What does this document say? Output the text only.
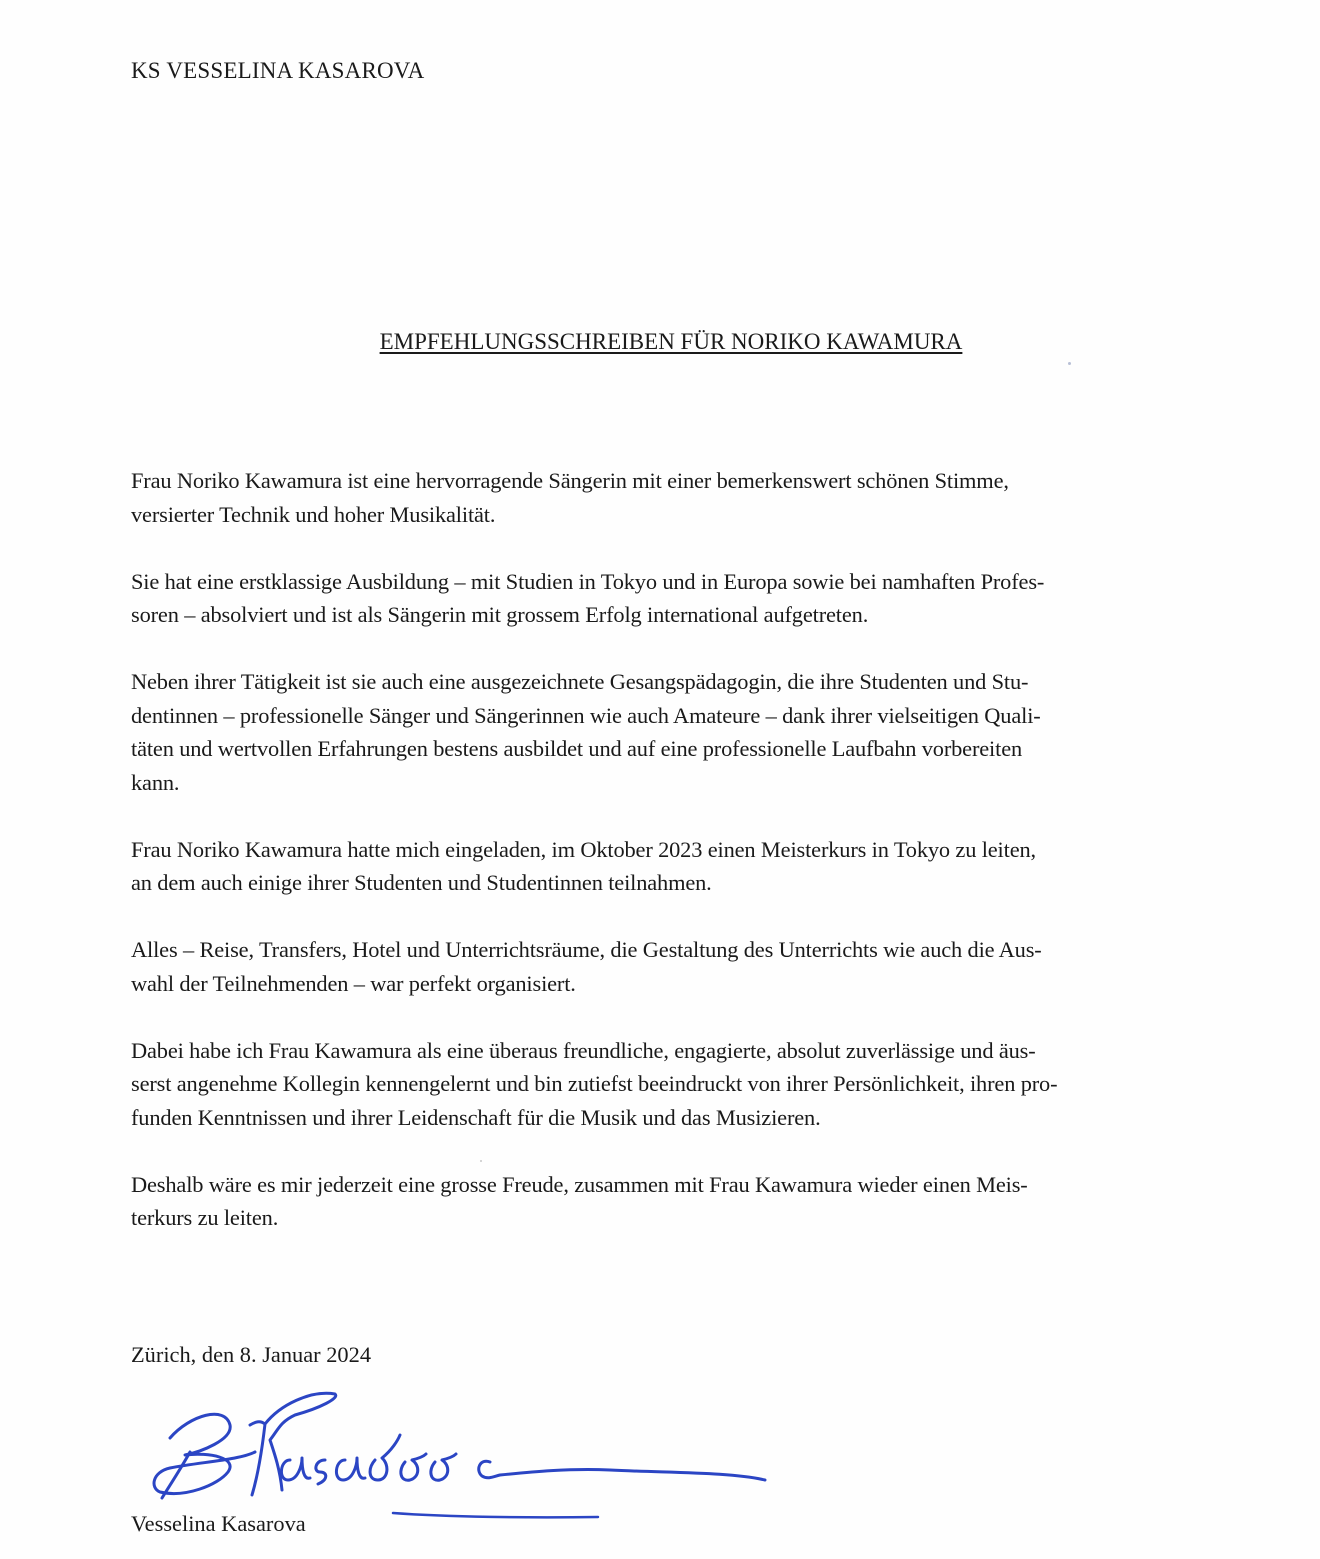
KS VESSELINA KASAROVA
EMPFEHLUNGSSCHREIBEN FÜR NORIKO KAWAMURA

Frau Noriko Kawamura ist eine hervorragende Sängerin mit einer bemerkenswert schönen Stimme,
versierter Technik und hoher Musikalität.

Sie hat eine erstklassige Ausbildung – mit Studien in Tokyo und in Europa sowie bei namhaften Profes-
soren – absolviert und ist als Sängerin mit grossem Erfolg international aufgetreten.

Neben ihrer Tätigkeit ist sie auch eine ausgezeichnete Gesangspädagogin, die ihre Studenten und Stu-
dentinnen – professionelle Sänger und Sängerinnen wie auch Amateure – dank ihrer vielseitigen Quali-
täten und wertvollen Erfahrungen bestens ausbildet und auf eine professionelle Laufbahn vorbereiten
kann.

Frau Noriko Kawamura hatte mich eingeladen, im Oktober 2023 einen Meisterkurs in Tokyo zu leiten,
an dem auch einige ihrer Studenten und Studentinnen teilnahmen.

Alles – Reise, Transfers, Hotel und Unterrichtsräume, die Gestaltung des Unterrichts wie auch die Aus-
wahl der Teilnehmenden – war perfekt organisiert.

Dabei habe ich Frau Kawamura als eine überaus freundliche, engagierte, absolut zuverlässige und äus-
serst angenehme Kollegin kennengelernt und bin zutiefst beeindruckt von ihrer Persönlichkeit, ihren pro-
funden Kenntnissen und ihrer Leidenschaft für die Musik und das Musizieren.

Deshalb wäre es mir jederzeit eine grosse Freude, zusammen mit Frau Kawamura wieder einen Meis-
terkurs zu leiten.

Zürich, den 8. Januar 2024
Vesselina Kasarova
